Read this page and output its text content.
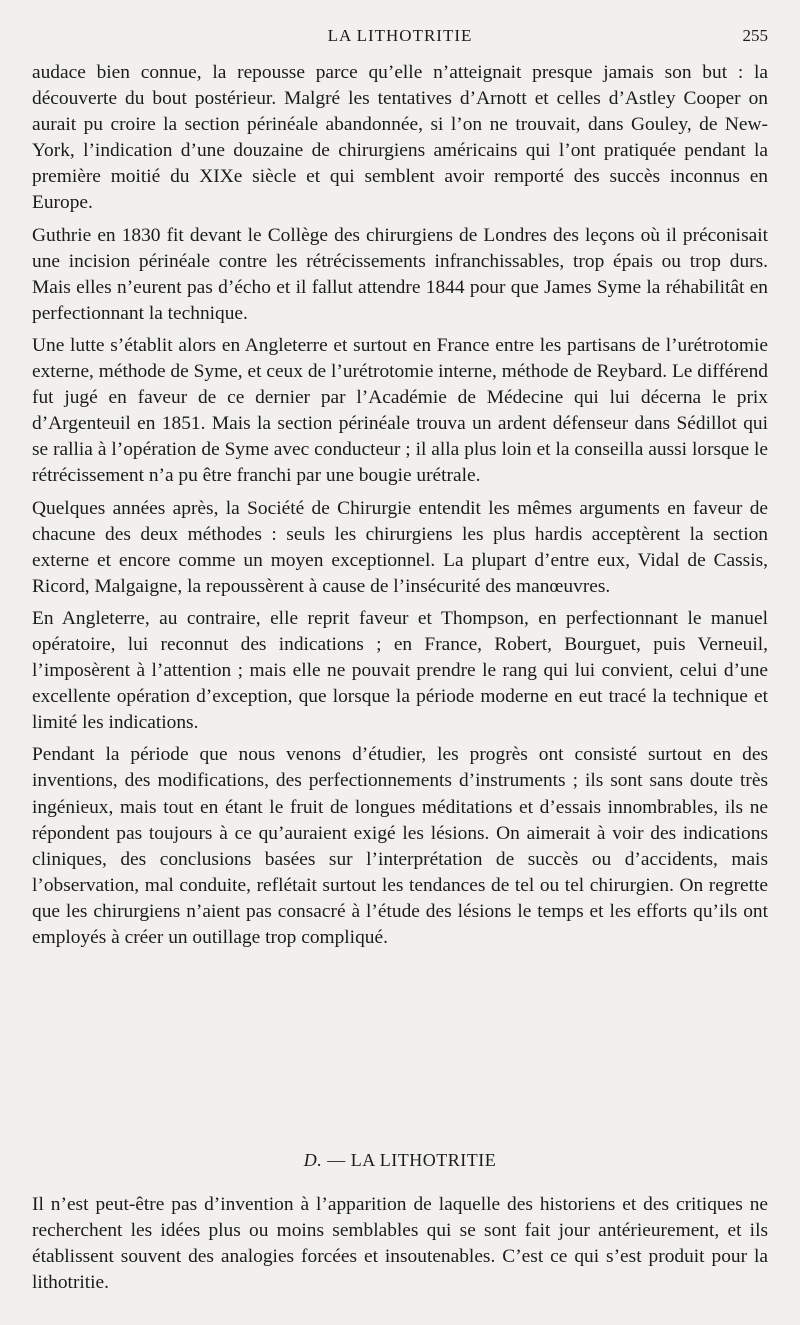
LA LITHOTRITIE	255

audace bien connue, la repousse parce qu’elle n’atteignait presque jamais son but : la découverte du bout postérieur. Malgré les tentatives d’Arnott et celles d’Astley Cooper on aurait pu croire la section périnéale abandonnée, si l’on ne trouvait, dans Gouley, de New-York, l’indication d’une douzaine de chirurgiens américains qui l’ont pratiquée pendant la première moitié du XIXe siècle et qui semblent avoir remporté des succès inconnus en Europe.

Guthrie en 1830 fit devant le Collège des chirurgiens de Londres des leçons où il préconisait une incision périnéale contre les rétrécissements infranchissables, trop épais ou trop durs. Mais elles n’eurent pas d’écho et il fallut attendre 1844 pour que James Syme la réhabilitât en perfectionnant la technique.

Une lutte s’établit alors en Angleterre et surtout en France entre les partisans de l’urétrotomie externe, méthode de Syme, et ceux de l’urétrotomie interne, méthode de Reybard. Le différend fut jugé en faveur de ce dernier par l’Académie de Médecine qui lui décerna le prix d’Argenteuil en 1851. Mais la section périnéale trouva un ardent défenseur dans Sédillot qui se rallia à l’opération de Syme avec conducteur ; il alla plus loin et la conseilla aussi lorsque le rétrécissement n’a pu être franchi par une bougie urétrale.

Quelques années après, la Société de Chirurgie entendit les mêmes arguments en faveur de chacune des deux méthodes : seuls les chirurgiens les plus hardis acceptèrent la section externe et encore comme un moyen exceptionnel. La plupart d’entre eux, Vidal de Cassis, Ricord, Malgaigne, la repoussèrent à cause de l’insécurité des manœuvres.

En Angleterre, au contraire, elle reprit faveur et Thompson, en perfectionnant le manuel opératoire, lui reconnut des indications ; en France, Robert, Bourguet, puis Verneuil, l’imposèrent à l’attention ; mais elle ne pouvait prendre le rang qui lui convient, celui d’une excellente opération d’exception, que lorsque la période moderne en eut tracé la technique et limité les indications.

Pendant la période que nous venons d’étudier, les progrès ont consisté surtout en des inventions, des modifications, des perfectionnements d’instruments ; ils sont sans doute très ingénieux, mais tout en étant le fruit de longues méditations et d’essais innombrables, ils ne répondent pas toujours à ce qu’auraient exigé les lésions. On aimerait à voir des indications cliniques, des conclusions basées sur l’interprétation de succès ou d’accidents, mais l’observation, mal conduite, reflétait surtout les tendances de tel ou tel chirurgien. On regrette que les chirurgiens n’aient pas consacré à l’étude des lésions le temps et les efforts qu’ils ont employés à créer un outillage trop compliqué.

D. — LA LITHOTRITIE

Il n’est peut-être pas d’invention à l’apparition de laquelle des historiens et des critiques ne recherchent les idées plus ou moins semblables qui se sont fait jour antérieurement, et ils établissent souvent des analogies forcées et insoutenables. C’est ce qui s’est produit pour la lithotritie.
